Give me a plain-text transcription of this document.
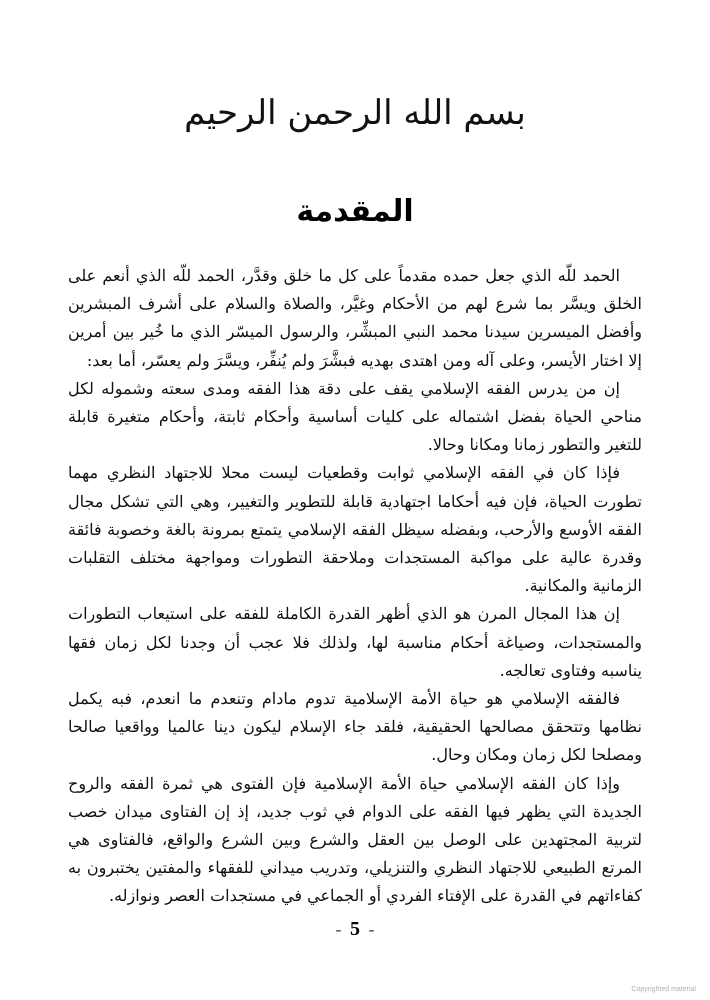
بسم الله الرحمن الرحيم
المقدمة

الحمد للّه الذي جعل حمده مقدماً على كل ما خلق وقدَّر، الحمد للّه الذي أنعم على الخلق ويسَّر بما شرع لهم من الأحكام وغيَّر، والصلاة والسلام على أشرف المبشرين وأفضل الميسرين سيدنا محمد النبي المبشِّر، والرسول الميسّر الذي ما خُير بين أمرين إلا اختار الأيسر، وعلى آله ومن اهتدى بهديه فبشَّرَ ولم يُنفِّر، ويسَّرَ ولم يعسّر، أما بعد:

إن من يدرس الفقه الإسلامي يقف على دقة هذا الفقه ومدى سعته وشموله لكل مناحي الحياة بفضل اشتماله على كليات أساسية وأحكام ثابتة، وأحكام متغيرة قابلة للتغير والتطور زمانا ومكانا وحالا.

فإذا كان في الفقه الإسلامي ثوابت وقطعيات ليست محلا للاجتهاد النظري مهما تطورت الحياة، فإن فيه أحكاما اجتهادية قابلة للتطوير والتغيير، وهي التي تشكل مجال الفقه الأوسع والأرحب، وبفضله سيظل الفقه الإسلامي يتمتع بمرونة بالغة وخصوبة فائقة وقدرة عالية على مواكبة المستجدات وملاحقة التطورات ومواجهة مختلف التقلبات الزمانية والمكانية.

إن هذا المجال المرن هو الذي أظهر القدرة الكاملة للفقه على استيعاب التطورات والمستجدات، وصياغة أحكام مناسبة لها، ولذلك فلا عجب أن وجدنا لكل زمان فقها يناسبه وفتاوى تعالجه.

فالفقه الإسلامي هو حياة الأمة الإسلامية تدوم مادام وتنعدم ما انعدم، فبه يكمل نظامها وتتحقق مصالحها الحقيقية، فلقد جاء الإسلام ليكون دينا عالميا وواقعيا صالحا ومصلحا لكل زمان ومكان وحال.

وإذا كان الفقه الإسلامي حياة الأمة الإسلامية فإن الفتوى هي ثمرة الفقه والروح الجديدة التي يظهر فيها الفقه على الدوام في ثوب جديد، إذ إن الفتاوى ميدان خصب لتربية المجتهدين على الوصل بين العقل والشرع وبين الشرع والواقع، فالفتاوى هي المرتع الطبيعي للاجتهاد النظري والتنزيلي، وتدريب ميداني للفقهاء والمفتين يختبرون به كفاءاتهم في القدرة على الإفتاء الفردي أو الجماعي في مستجدات العصر ونوازله.

- 5 -
Copyrighted material
